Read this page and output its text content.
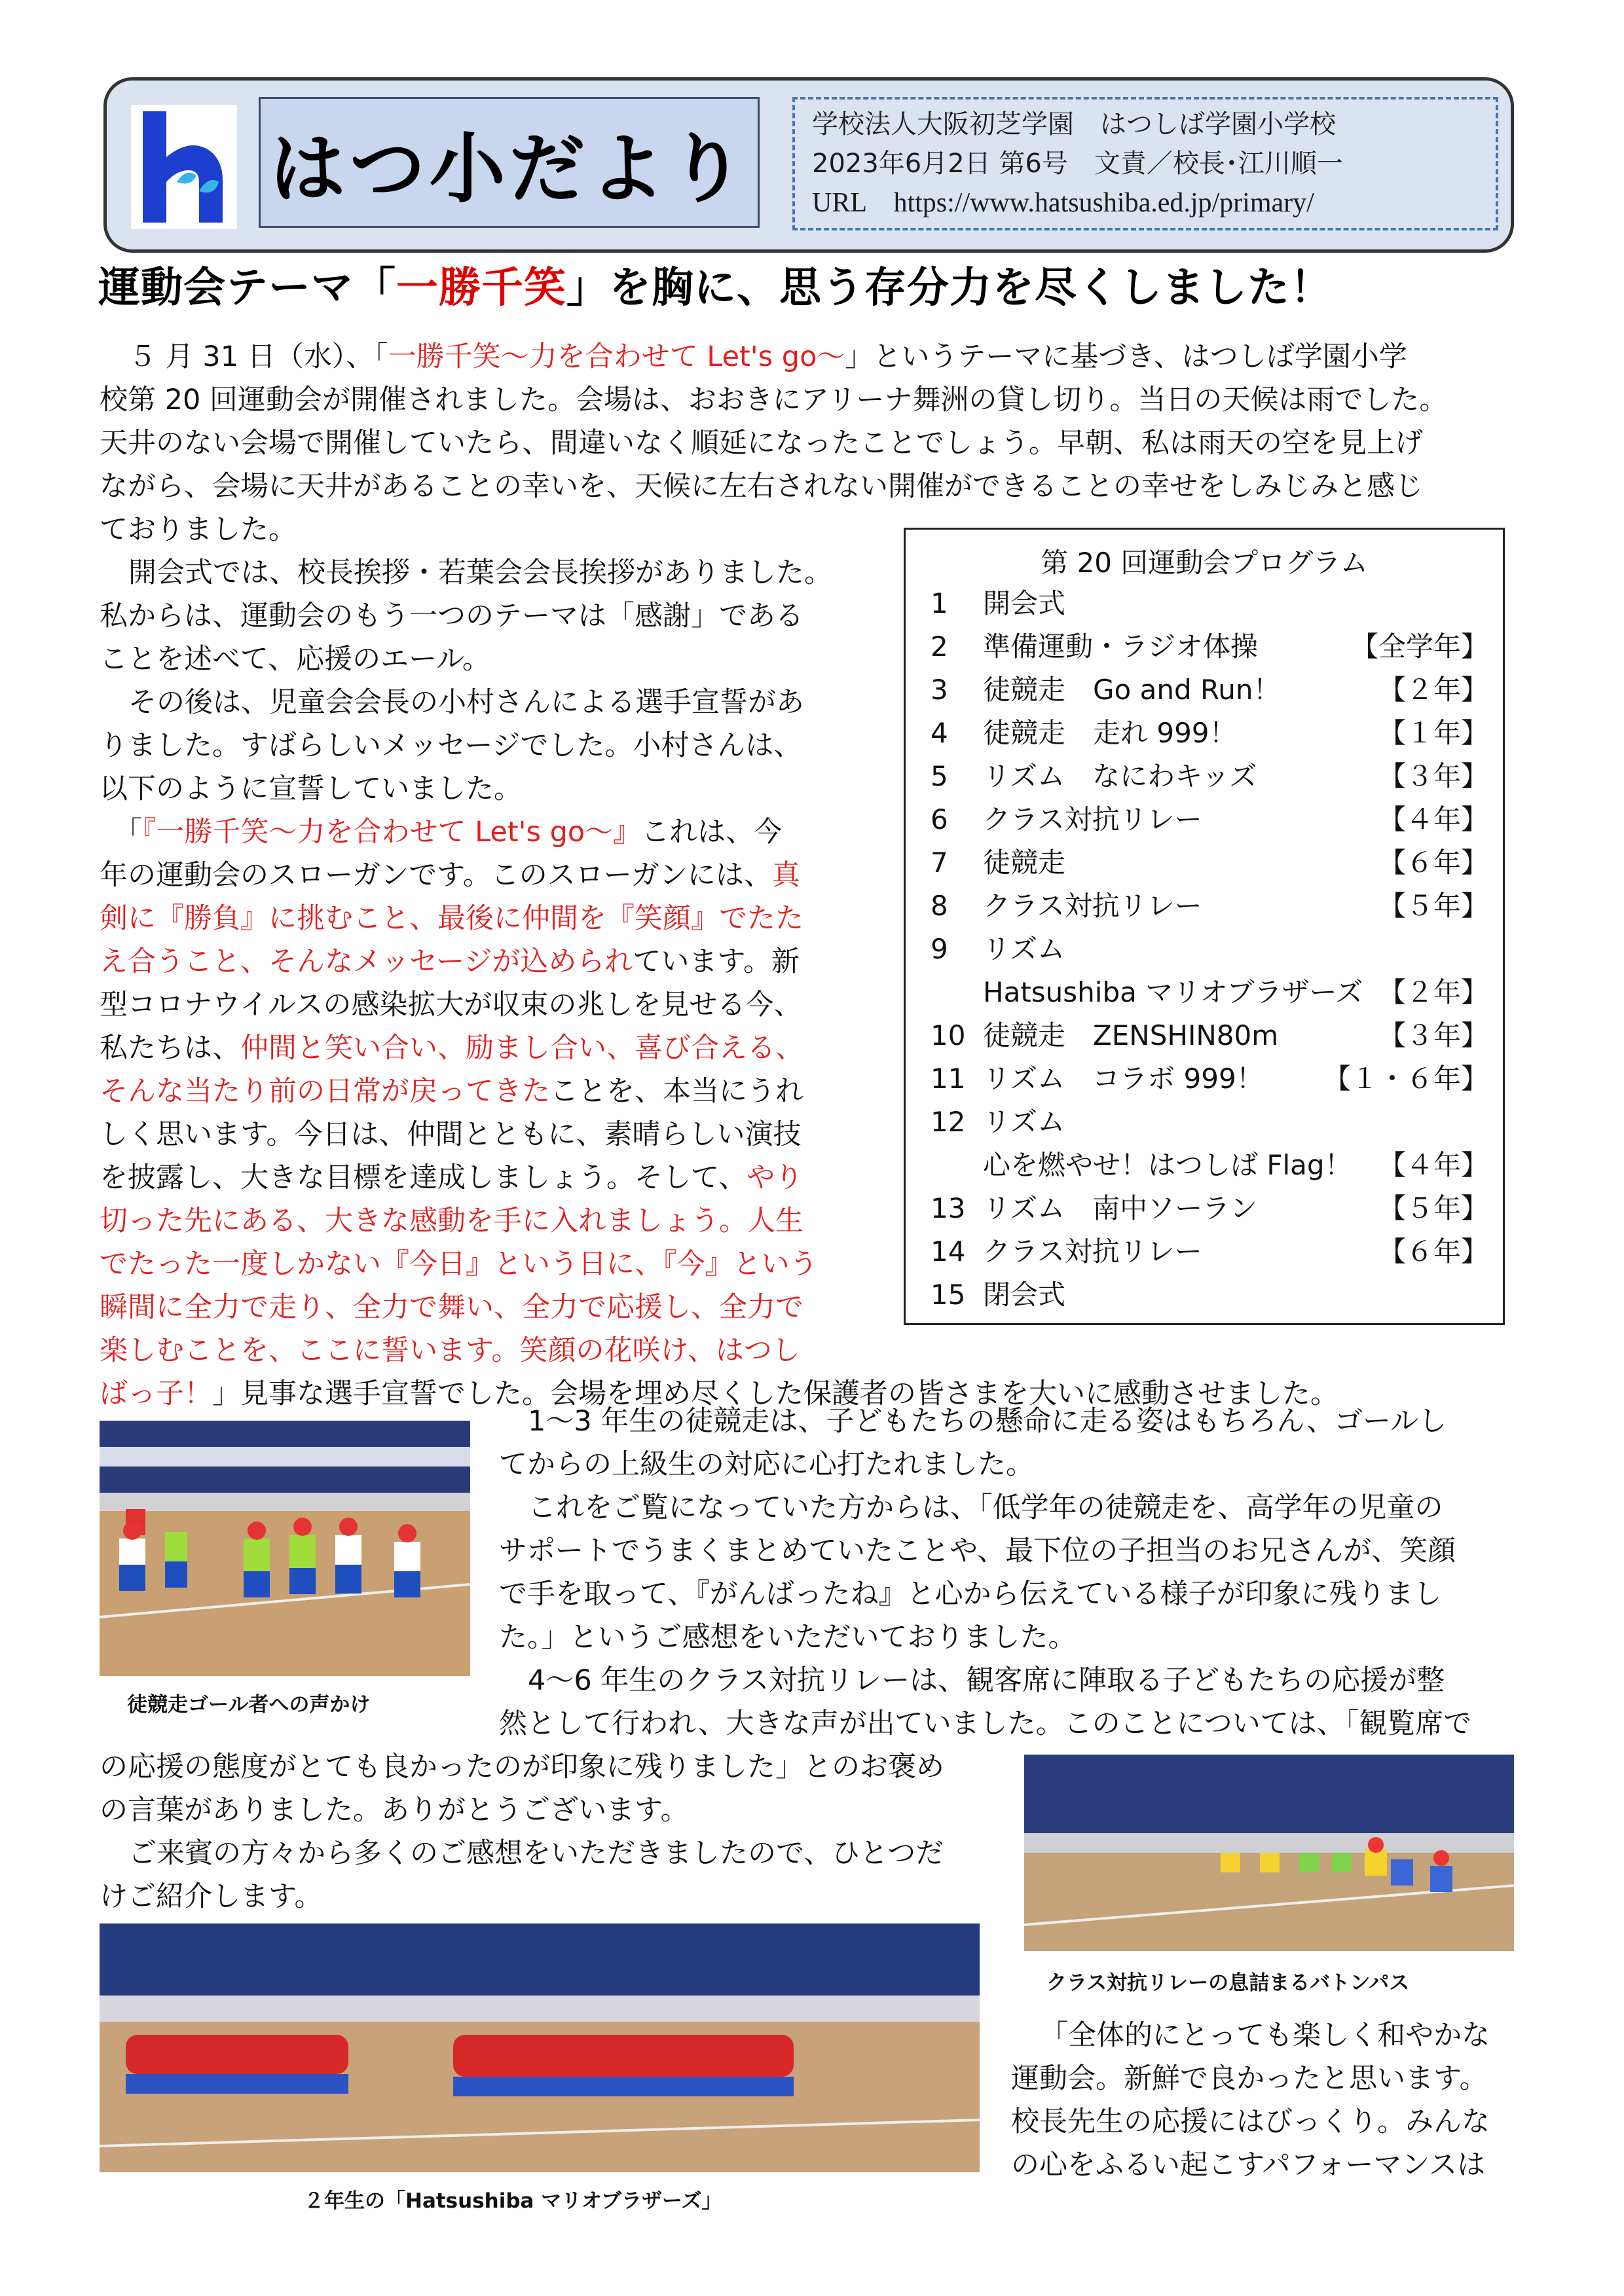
はつ小だより
学校法人大阪初芝学園　はつしば学園小学校
2023年6月2日 第6号　文責／校長･江川順一
URL　https://www.hatsushiba.ed.jp/primary/
運動会テーマ「一勝千笑」を胸に、思う存分力を尽くしました！
５ 月 31 日（水）、「一勝千笑～力を合わせて Let's go～」というテーマに基づき、はつしば学園小学
校第 20 回運動会が開催されました。会場は、おおきにアリーナ舞洲の貸し切り。当日の天候は雨でした。
天井のない会場で開催していたら、間違いなく順延になったことでしょう。早朝、私は雨天の空を見上げ
ながら、会場に天井があることの幸いを、天候に左右されない開催ができることの幸せをしみじみと感じ
ておりました。
開会式では、校長挨拶・若葉会会長挨拶がありました。
私からは、運動会のもう一つのテーマは「感謝」である
ことを述べて、応援のエール。
その後は、児童会会長の小村さんによる選手宣誓があ
りました。すばらしいメッセージでした。小村さんは、
以下のように宣誓していました。
「『一勝千笑～力を合わせて Let's go～』これは、今
年の運動会のスローガンです。このスローガンには、真
剣に『勝負』に挑むこと、最後に仲間を『笑顔』でたた
え合うこと、そんなメッセージが込められています。新
型コロナウイルスの感染拡大が収束の兆しを見せる今、
私たちは、仲間と笑い合い、励まし合い、喜び合える、
そんな当たり前の日常が戻ってきたことを、本当にうれ
しく思います。今日は、仲間とともに、素晴らしい演技
を披露し、大きな目標を達成しましょう。そして、やり
切った先にある、大きな感動を手に入れましょう。人生
でたった一度しかない『今日』という日に、『今』という
瞬間に全力で走り、全力で舞い、全力で応援し、全力で
楽しむことを、ここに誓います。笑顔の花咲け、はつし
ばっ子！」見事な選手宣誓でした。会場を埋め尽くした保護者の皆さまを大いに感動させました。
第 20 回運動会プログラム
1 開会式
2 準備運動・ラジオ体操	【全学年】
3 徒競走　Go and Run！	【２年】
4 徒競走　走れ 999！	【１年】
5 リズム　なにわキッズ	【３年】
6 クラス対抗リレー	【４年】
7 徒競走	【６年】
8 クラス対抗リレー	【５年】
9 リズム
Hatsushiba マリオブラザーズ 【２年】
10 徒競走　ZENSHIN80m	【３年】
11 リズム　コラボ 999！ 【１・６年】
12 リズム
心を燃やせ！はつしば Flag！ 【４年】
13 リズム　南中ソーラン	【５年】
14 クラス対抗リレー	【６年】
15 閉会式
徒競走ゴール者への声かけ
1～3 年生の徒競走は、子どもたちの懸命に走る姿はもちろん、ゴールし
てからの上級生の対応に心打たれました。
これをご覧になっていた方からは、「低学年の徒競走を、高学年の児童の
サポートでうまくまとめていたことや、最下位の子担当のお兄さんが、笑顔
で手を取って、『がんばったね』と心から伝えている様子が印象に残りまし
た。」というご感想をいただいておりました。
4～6 年生のクラス対抗リレーは、観客席に陣取る子どもたちの応援が整
然として行われ、大きな声が出ていました。このことについては、「観覧席で
の応援の態度がとても良かったのが印象に残りました」とのお褒め
の言葉がありました。ありがとうございます。
ご来賓の方々から多くのご感想をいただきましたので、ひとつだ
けご紹介します。
クラス対抗リレーの息詰まるバトンパス
２年生の「Hatsushiba マリオブラザーズ」
「全体的にとっても楽しく和やかな
運動会。新鮮で良かったと思います。
校長先生の応援にはびっくり。みんな
の心をふるい起こすパフォーマンスは
